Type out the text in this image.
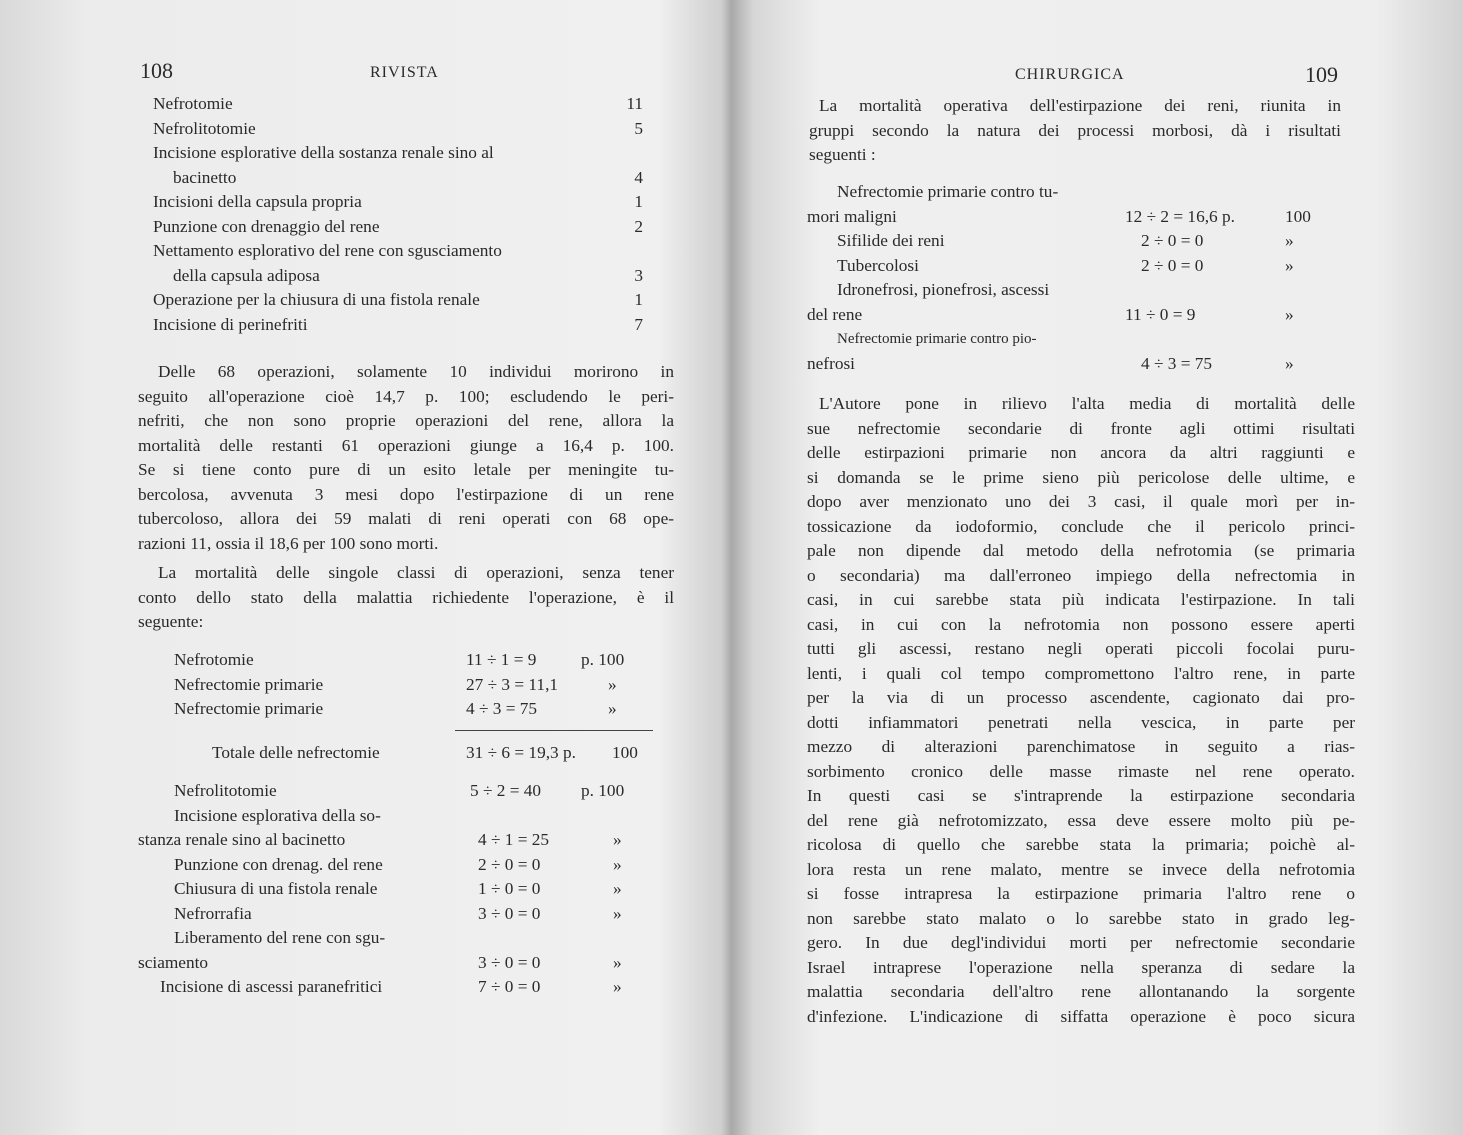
108	RIVISTA
Nefrotomie	11
Nefrolitotomie	5
Incisione esplorative della sostanza renale sino al
bacinetto	4
Incisioni della capsula propria	1
Punzione con drenaggio del rene	2
Nettamento esplorativo del rene con sgusciamento
della capsula adiposa	3
Operazione per la chiusura di una fistola renale	1
Incisione di perinefriti	7
Delle 68 operazioni, solamente 10 individui morirono in
seguito all'operazione cioè 14,7 p. 100; escludendo le peri-
nefriti, che non sono proprie operazioni del rene, allora la
mortalità delle restanti 61 operazioni giunge a 16,4 p. 100.
Se si tiene conto pure di un esito letale per meningite tu-
bercolosa, avvenuta 3 mesi dopo l'estirpazione di un rene
tubercoloso, allora dei 59 malati di reni operati con 68 ope-
razioni 11, ossia il 18,6 per 100 sono morti.
La mortalità delle singole classi di operazioni, senza tener
conto dello stato della malattia richiedente l'operazione, è il
seguente:
Nefrotomie	11 ÷ 1 = 9	p. 100
Nefrectomie primarie	27 ÷ 3 = 11,1	»
Nefrectomie primarie	4 ÷ 3 = 75	»
Totale delle nefrectomie	31 ÷ 6 = 19,3 p. 100
Nefrolitotomie	5 ÷ 2 = 40 p. 100
Incisione esplorativa della so-
stanza renale sino al bacinetto	4 ÷ 1 = 25	»
Punzione con drenag. del rene	2 ÷ 0 = 0	»
Chiusura di una fistola renale	1 ÷ 0 = 0	»
Nefrorrafia	3 ÷ 0 = 0	»
Liberamento del rene con sgu-
sciamento	3 ÷ 0 = 0	»
Incisione di ascessi paranefritici	7 ÷ 0 = 0	»
CHIRURGICA	109
La mortalità operativa dell'estirpazione dei reni, riunita in
gruppi secondo la natura dei processi morbosi, dà i risultati
seguenti :
Nefrectomie primarie contro tu-
mori maligni	12 ÷ 2 = 16,6 p.	100
Sifilide dei reni	2 ÷ 0 = 0	»
Tubercolosi	2 ÷ 0 = 0	»
Idronefrosi, pionefrosi, ascessi
del rene	11 ÷ 0 = 9	»
Nefrectomie primarie contro pio-
nefrosi	4 ÷ 3 = 75	»
L'Autore pone in rilievo l'alta media di mortalità delle
sue nefrectomie secondarie di fronte agli ottimi risultati
delle estirpazioni primarie non ancora da altri raggiunti e
si domanda se le prime sieno più pericolose delle ultime, e
dopo aver menzionato uno dei 3 casi, il quale morì per in-
tossicazione da iodoformio, conclude che il pericolo princi-
pale non dipende dal metodo della nefrotomia (se primaria
o secondaria) ma dall'erroneo impiego della nefrectomia in
casi, in cui sarebbe stata più indicata l'estirpazione. In tali
casi, in cui con la nefrotomia non possono essere aperti
tutti gli ascessi, restano negli operati piccoli focolai puru-
lenti, i quali col tempo compromettono l'altro rene, in parte
per la via di un processo ascendente, cagionato dai pro-
dotti infiammatori penetrati nella vescica, in parte per
mezzo di alterazioni parenchimatose in seguito a rias-
sorbimento cronico delle masse rimaste nel rene operato.
In questi casi se s'intraprende la estirpazione secondaria
del rene già nefrotomizzato, essa deve essere molto più pe-
ricolosa di quello che sarebbe stata la primaria; poichè al-
lora resta un rene malato, mentre se invece della nefrotomia
si fosse intrapresa la estirpazione primaria l'altro rene o
non sarebbe stato malato o lo sarebbe stato in grado leg-
gero. In due degl'individui morti per nefrectomie secondarie
Israel intraprese l'operazione nella speranza di sedare la
malattia secondaria dell'altro rene allontanando la sorgente
d'infezione. L'indicazione di siffatta operazione è poco sicura
